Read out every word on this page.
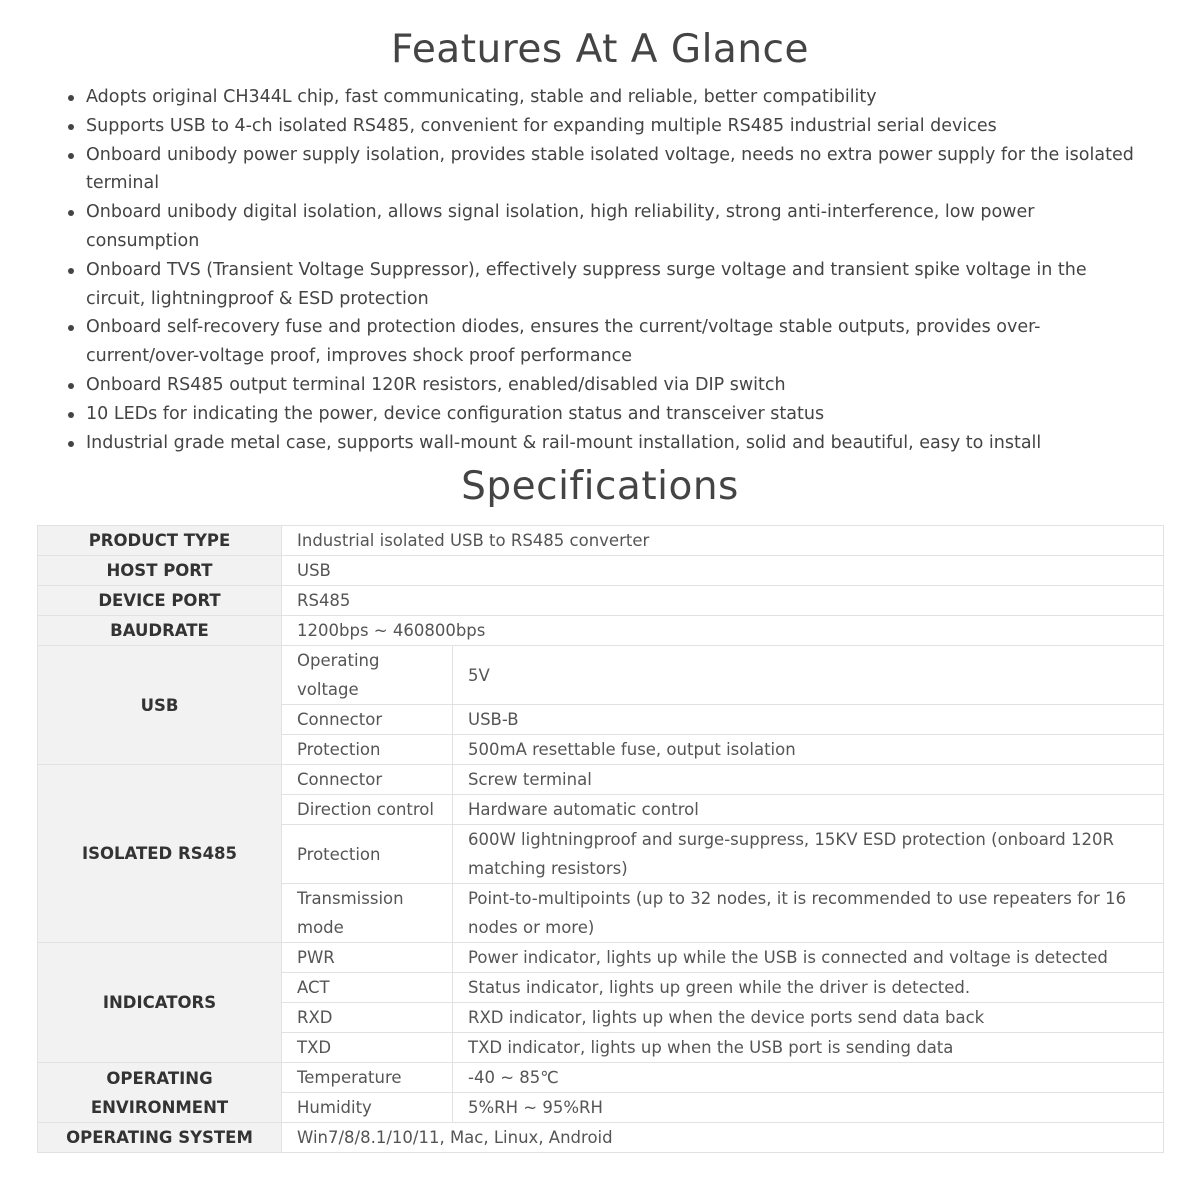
Features At A Glance
Adopts original CH344L chip, fast communicating, stable and reliable, better compatibility
Supports USB to 4-ch isolated RS485, convenient for expanding multiple RS485 industrial serial devices
Onboard unibody power supply isolation, provides stable isolated voltage, needs no extra power supply for the isolated terminal
Onboard unibody digital isolation, allows signal isolation, high reliability, strong anti-interference, low power consumption
Onboard TVS (Transient Voltage Suppressor), effectively suppress surge voltage and transient spike voltage in the circuit, lightningproof & ESD protection
Onboard self-recovery fuse and protection diodes, ensures the current/voltage stable outputs, provides over-current/over-voltage proof, improves shock proof performance
Onboard RS485 output terminal 120R resistors, enabled/disabled via DIP switch
10 LEDs for indicating the power, device configuration status and transceiver status
Industrial grade metal case, supports wall-mount & rail-mount installation, solid and beautiful, easy to install
Specifications
PRODUCT TYPE	Industrial isolated USB to RS485 converter	
HOST PORT	USB	
DEVICE PORT	RS485	
BAUDRATE	1200bps ~ 460800bps	
USB	Operating voltage	5V
	Connector	USB-B
	Protection	500mA resettable fuse, output isolation
ISOLATED RS485	Connector	Screw terminal
	Direction control	Hardware automatic control
	Protection	600W lightningproof and surge-suppress, 15KV ESD protection (onboard 120R matching resistors)
	Transmission mode	Point-to-multipoints (up to 32 nodes, it is recommended to use repeaters for 16 nodes or more)
INDICATORS	PWR	Power indicator, lights up while the USB is connected and voltage is detected
	ACT	Status indicator, lights up green while the driver is detected.
	RXD	RXD indicator, lights up when the device ports send data back
	TXD	TXD indicator, lights up when the USB port is sending data
OPERATING ENVIRONMENT	Temperature	-40 ~ 85℃
	Humidity	5%RH ~ 95%RH
OPERATING SYSTEM	Win7/8/8.1/10/11, Mac, Linux, Android	
